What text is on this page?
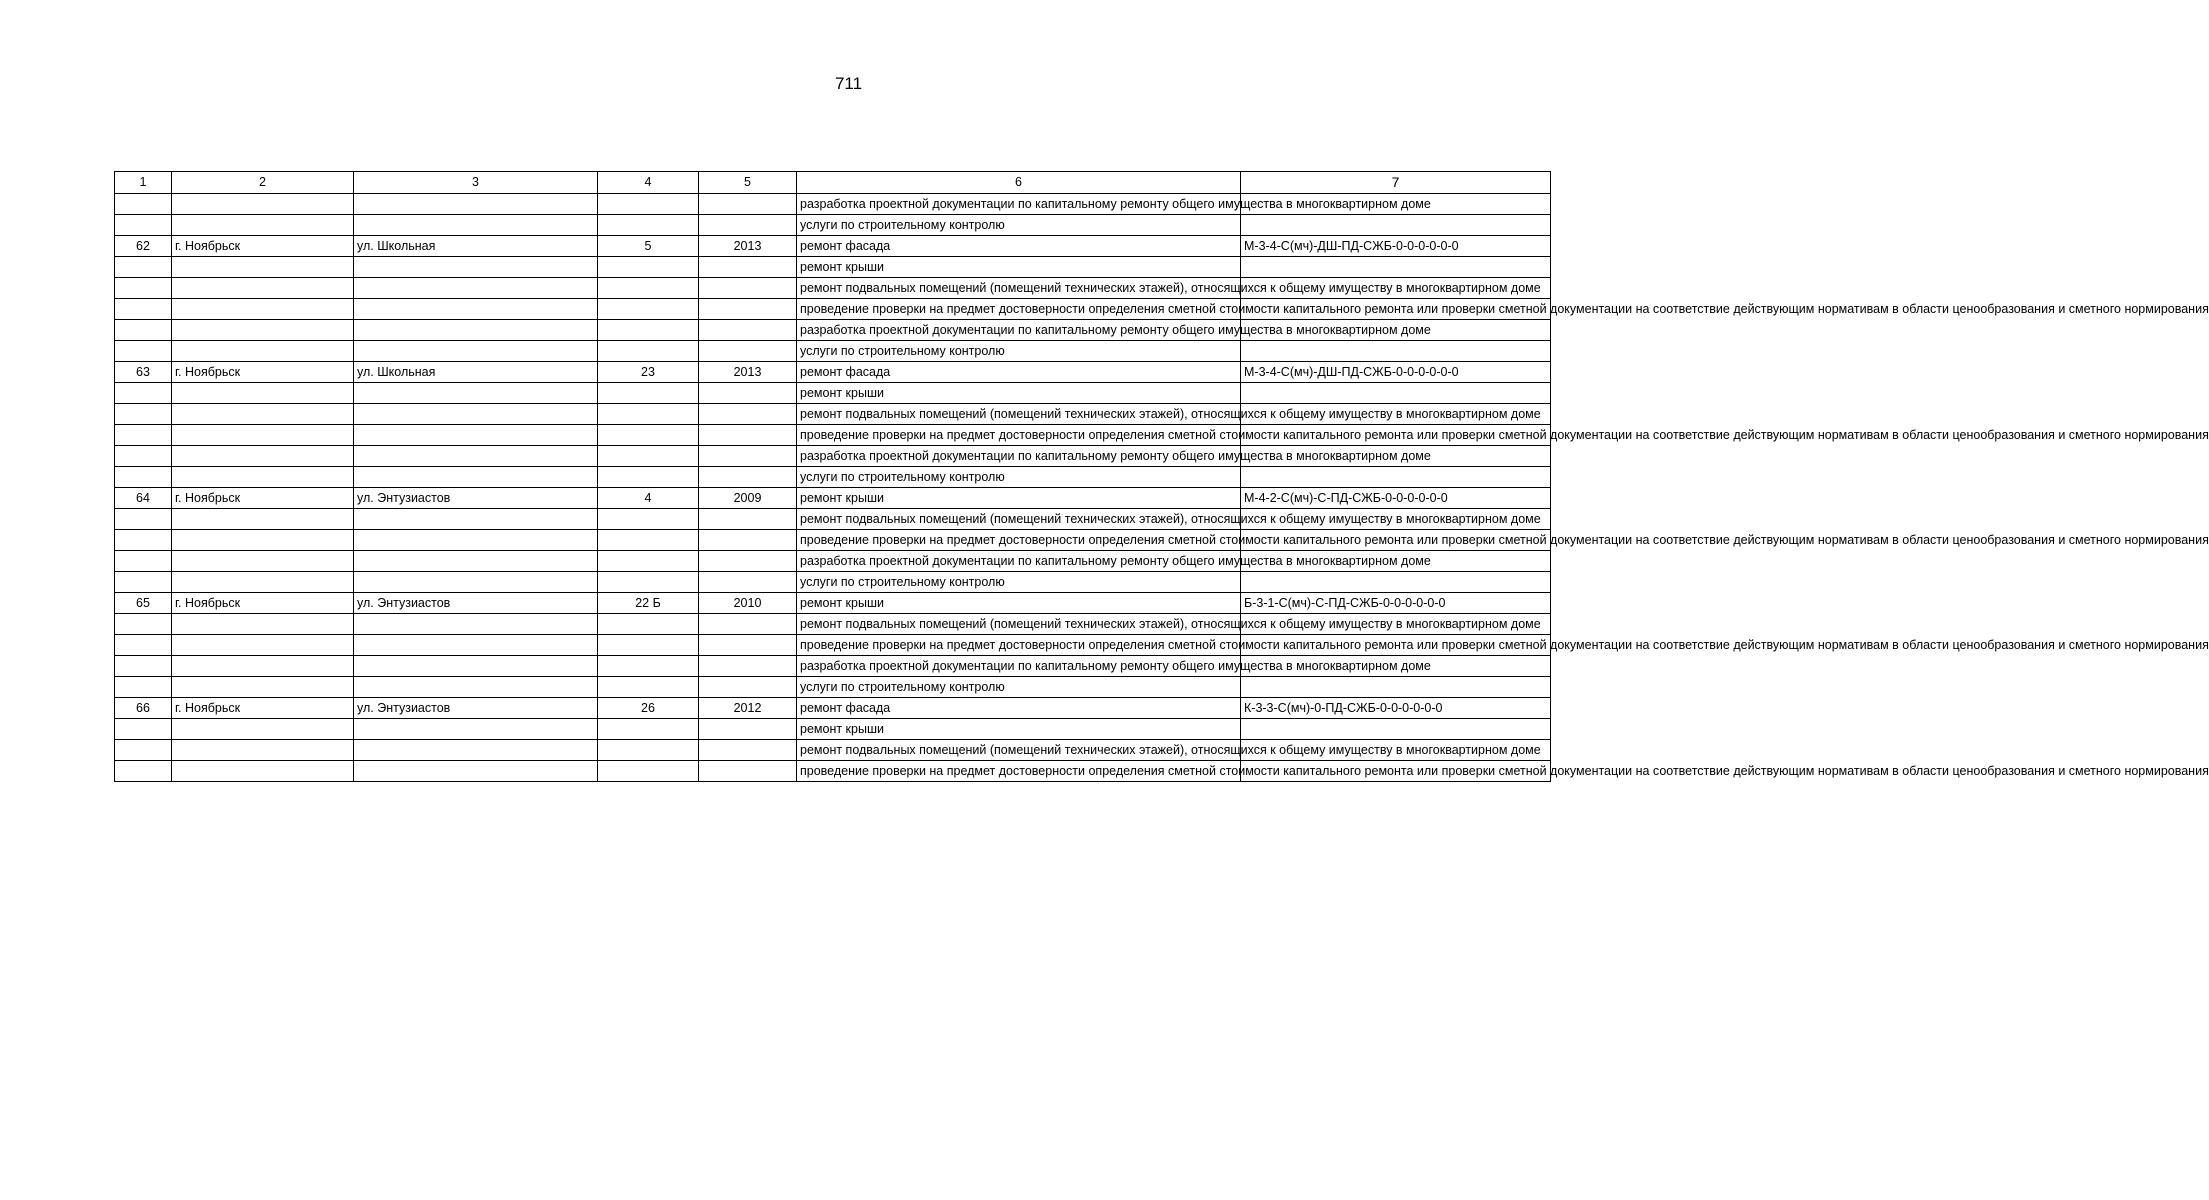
711
1	2	3	4	5	6	7
					разработка проектной документации по капитальному ремонту общего имущества в многоквартирном доме	
					услуги по строительному контролю	
62	г. Ноябрьск	ул. Школьная	5	2013	ремонт фасада	М-3-4-С(мч)-ДШ-ПД-СЖБ-0-0-0-0-0-0
					ремонт крыши	
					ремонт подвальных помещений (помещений технических этажей), относящихся к общему имуществу в многоквартирном доме	
					проведение проверки на предмет достоверности определения сметной стоимости капитального ремонта или проверки сметной документации на соответствие действующим нормативам в области ценообразования и сметного нормирования	
					разработка проектной документации по капитальному ремонту общего имущества в многоквартирном доме	
					услуги по строительному контролю	
63	г. Ноябрьск	ул. Школьная	23	2013	ремонт фасада	М-3-4-С(мч)-ДШ-ПД-СЖБ-0-0-0-0-0-0
					ремонт крыши	
					ремонт подвальных помещений (помещений технических этажей), относящихся к общему имуществу в многоквартирном доме	
					проведение проверки на предмет достоверности определения сметной стоимости капитального ремонта или проверки сметной документации на соответствие действующим нормативам в области ценообразования и сметного нормирования	
					разработка проектной документации по капитальному ремонту общего имущества в многоквартирном доме	
					услуги по строительному контролю	
64	г. Ноябрьск	ул. Энтузиастов	4	2009	ремонт крыши	М-4-2-С(мч)-С-ПД-СЖБ-0-0-0-0-0-0
					ремонт подвальных помещений (помещений технических этажей), относящихся к общему имуществу в многоквартирном доме	
					проведение проверки на предмет достоверности определения сметной стоимости капитального ремонта или проверки сметной документации на соответствие действующим нормативам в области ценообразования и сметного нормирования	
					разработка проектной документации по капитальному ремонту общего имущества в многоквартирном доме	
					услуги по строительному контролю	
65	г. Ноябрьск	ул. Энтузиастов	22 Б	2010	ремонт крыши	Б-3-1-С(мч)-С-ПД-СЖБ-0-0-0-0-0-0
					ремонт подвальных помещений (помещений технических этажей), относящихся к общему имуществу в многоквартирном доме	
					проведение проверки на предмет достоверности определения сметной стоимости капитального ремонта или проверки сметной документации на соответствие действующим нормативам в области ценообразования и сметного нормирования	
					разработка проектной документации по капитальному ремонту общего имущества в многоквартирном доме	
					услуги по строительному контролю	
66	г. Ноябрьск	ул. Энтузиастов	26	2012	ремонт фасада	К-3-3-С(мч)-0-ПД-СЖБ-0-0-0-0-0-0
					ремонт крыши	
					ремонт подвальных помещений (помещений технических этажей), относящихся к общему имуществу в многоквартирном доме	
					проведение проверки на предмет достоверности определения сметной стоимости капитального ремонта или проверки сметной документации на соответствие действующим нормативам в области ценообразования и сметного нормирования	
